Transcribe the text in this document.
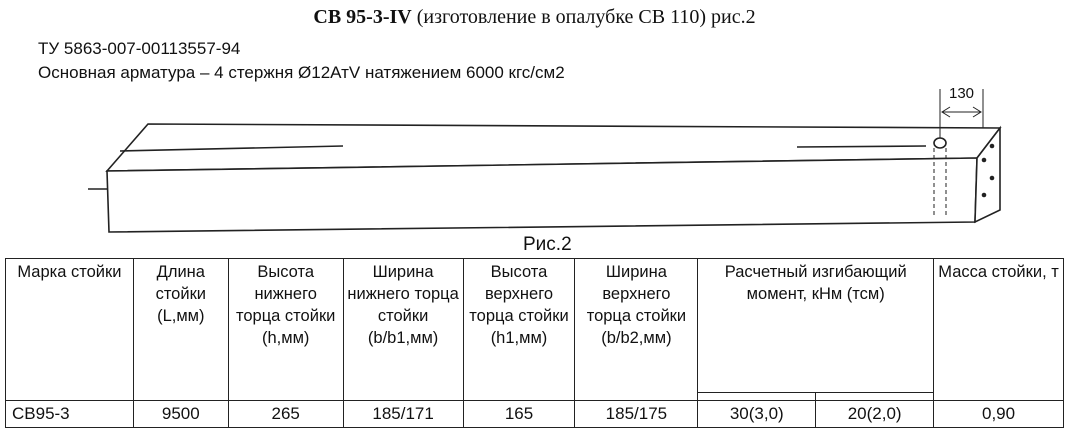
СВ 95-3-IV (изготовление в опалубке СВ 110) рис.2
ТУ 5863-007-00113557-94
Основная арматура – 4 стержня Ø12АтV натяжением 6000 кгс/см2
130
Рис.2
Марка стойки	Длина стойки (L,мм)	Высота нижнего торца стойки (h,мм)	Ширина нижнего торца стойки (b/b1,мм)	Высота верхнего торца стойки (h1,мм)	Ширина верхнего торца стойки (b/b2,мм)	Расчетный изгибающий момент, кНм (тсм)		Масса стойки, т

СВ95-3	9500	265	185/171	165	185/175	30(3,0)	20(2,0)	0,90
